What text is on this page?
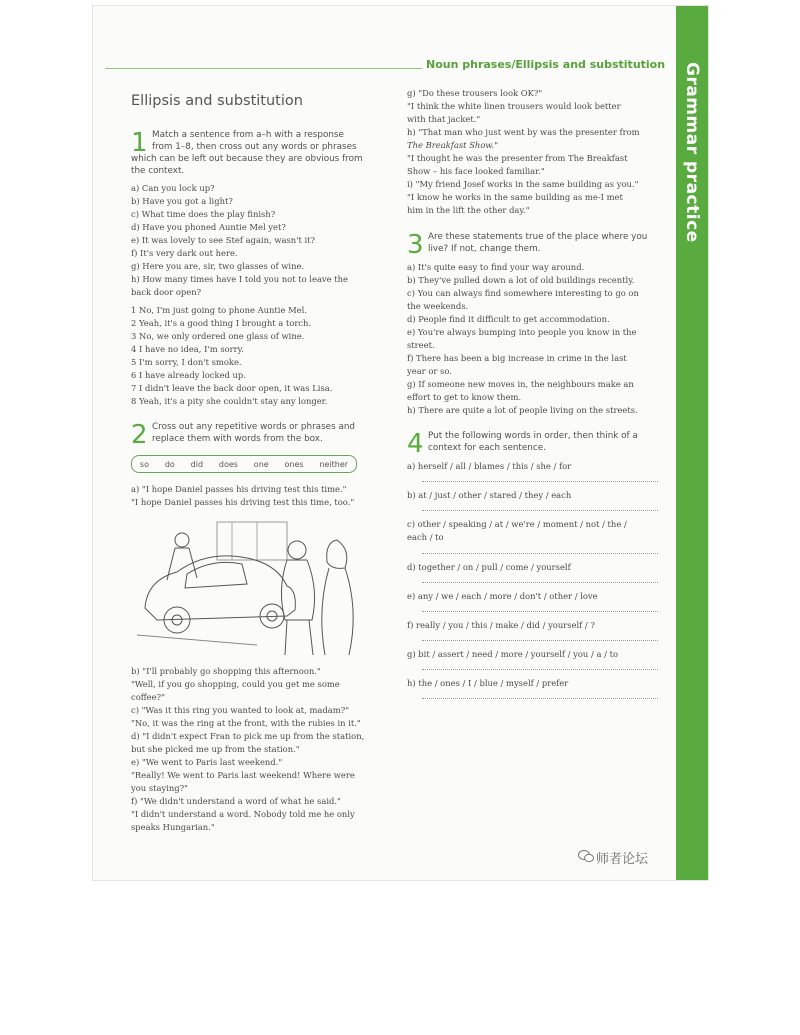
Grammar practice
Noun phrases/Ellipsis and substitution
Ellipsis and substitution
1 Match a sentence from a–h with a response
from 1–8, then cross out any words or phrases
which can be left out because they are obvious from
the context.
a) Can you lock up?
b) Have you got a light?
c) What time does the play finish?
d) Have you phoned Auntie Mel yet?
e) It was lovely to see Stef again, wasn't it?
f) It's very dark out here.
g) Here you are, sir, two glasses of wine.
h) How many times have I told you not to leave the
back door open?
1 No, I'm just going to phone Auntie Mel.
2 Yeah, it's a good thing I brought a torch.
3 No, we only ordered one glass of wine.
4 I have no idea, I'm sorry.
5 I'm sorry, I don't smoke.
6 I have already locked up.
7 I didn't leave the back door open, it was Lisa.
8 Yeah, it's a pity she couldn't stay any longer.
2 Cross out any repetitive words or phrases and
replace them with words from the box.
so do did does one ones neither
a) "I hope Daniel passes his driving test this time."
"I hope Daniel passes his driving test this time, too."
b) "I'll probably go shopping this afternoon."
"Well, if you go shopping, could you get me some
coffee?"
c) "Was it this ring you wanted to look at, madam?"
"No, it was the ring at the front, with the rubies in it."
d) "I didn't expect Fran to pick me up from the station,
but she picked me up from the station."
e) "We went to Paris last weekend."
"Really! We went to Paris last weekend! Where were
you staying?"
f) "We didn't understand a word of what he said."
"I didn't understand a word. Nobody told me he only
speaks Hungarian."
g) "Do these trousers look OK?"
"I think the white linen trousers would look better
with that jacket."
h) "That man who just went by was the presenter from
The Breakfast Show."
"I thought he was the presenter from The Breakfast
Show – his face looked familiar."
i) "My friend Josef works in the same building as you."
"I know he works in the same building as me-I met
him in the lift the other day."
3 Are these statements true of the place where you
live? If not, change them.
a) It's quite easy to find your way around.
b) They've pulled down a lot of old buildings recently.
c) You can always find somewhere interesting to go on
the weekends.
d) People find it difficult to get accommodation.
e) You're always bumping into people you know in the
street.
f) There has been a big increase in crime in the last
year or so.
g) If someone new moves in, the neighbours make an
effort to get to know them.
h) There are quite a lot of people living on the streets.
4 Put the following words in order, then think of a
context for each sentence.
a) herself / all / blames / this / she / for
b) at / just / other / stared / they / each
c) other / speaking / at / we're / moment / not / the /
each / to
d) together / on / pull / come / yourself
e) any / we / each / more / don't / other / love
f) really / you / this / make / did / yourself / ?
g) bit / assert / need / more / yourself / you / a / to
h) the / ones / I / blue / myself / prefer
师者论坛
